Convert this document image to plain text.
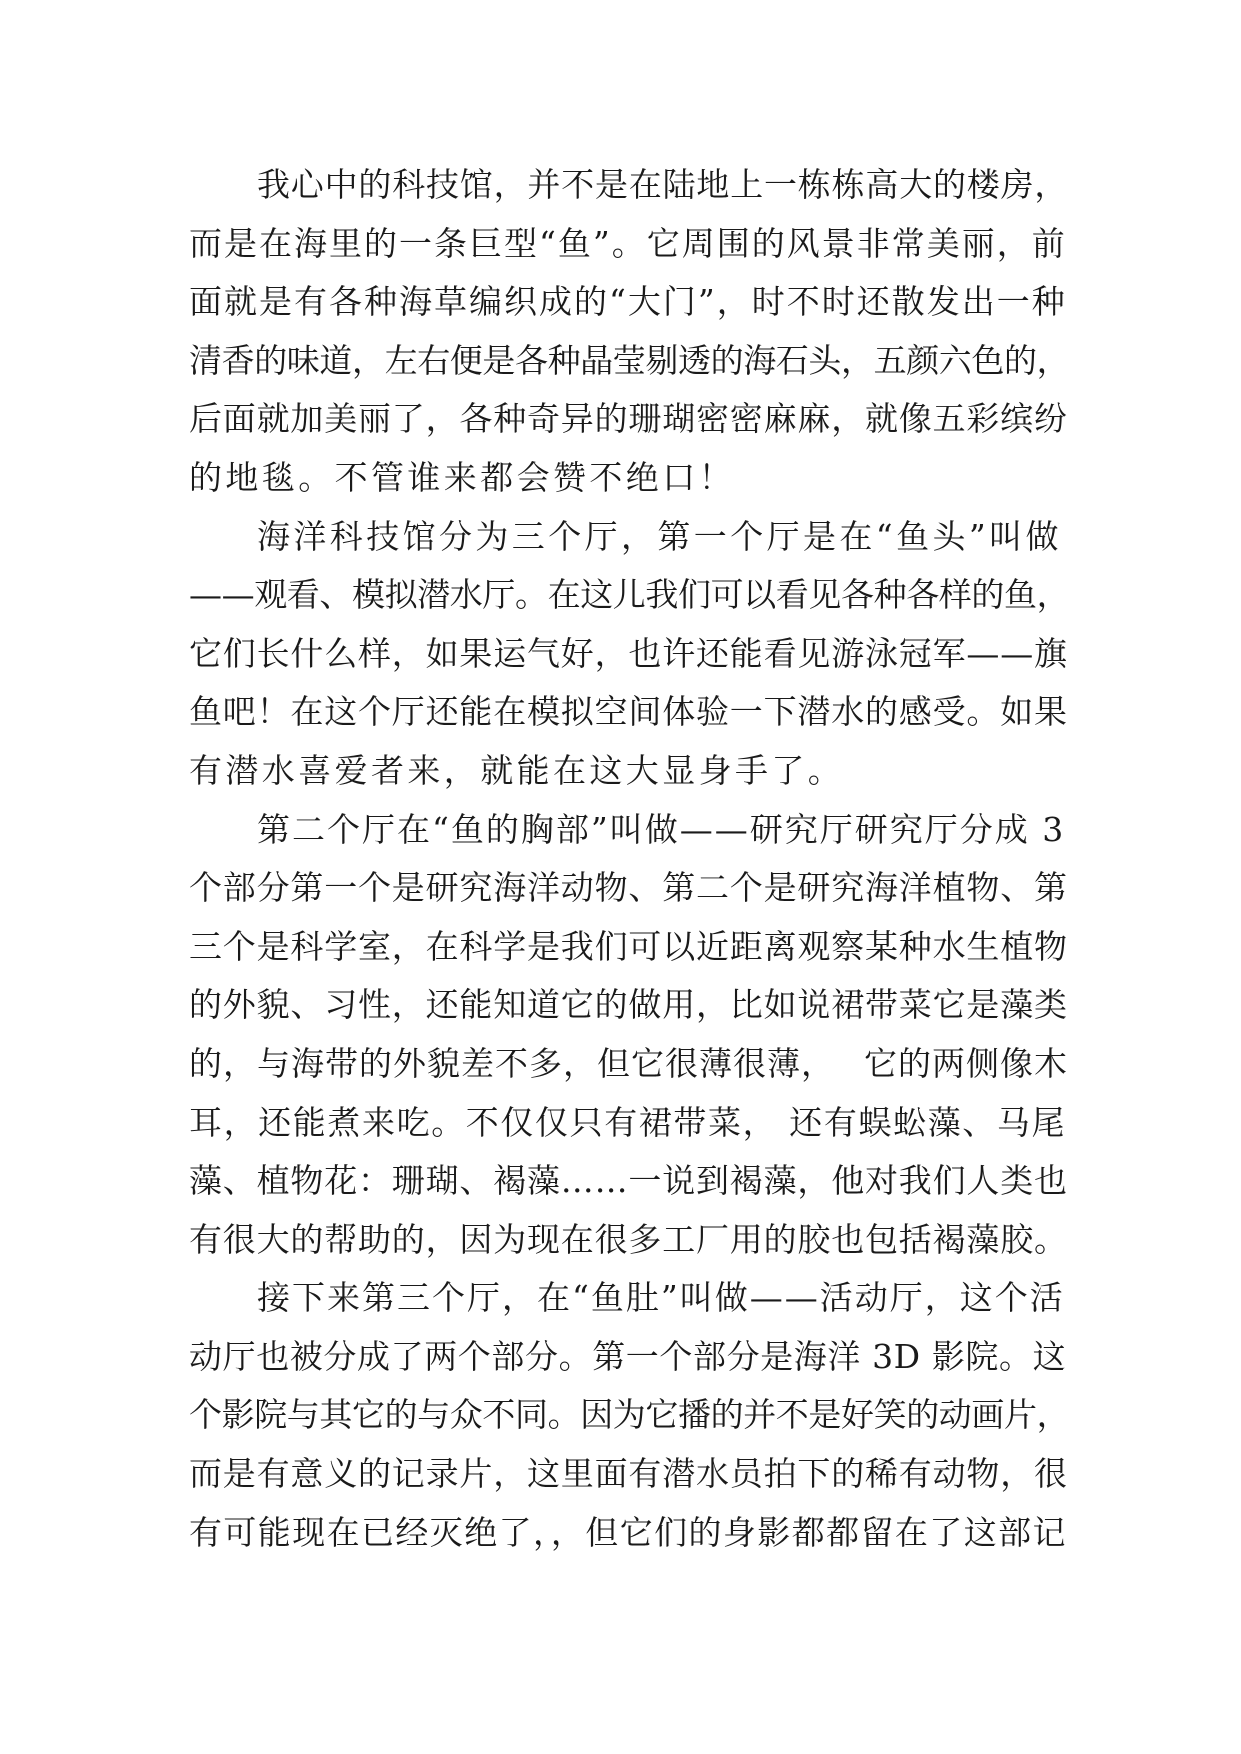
我心中的科技馆，并不是在陆地上一栋栋高大的楼房，
而是在海里的一条巨型“鱼”。它周围的风景非常美丽，前
面就是有各种海草编织成的“大门”，时不时还散发出一种
清香的味道，左右便是各种晶莹剔透的海石头，五颜六色的，
后面就加美丽了，各种奇异的珊瑚密密麻麻，就像五彩缤纷
的地毯。不管谁来都会赞不绝口！
海洋科技馆分为三个厅，第一个厅是在“鱼头”叫做
——观看、模拟潜水厅。在这儿我们可以看见各种各样的鱼，
它们长什么样，如果运气好，也许还能看见游泳冠军——旗
鱼吧！在这个厅还能在模拟空间体验一下潜水的感受。如果
有潜水喜爱者来，就能在这大显身手了。
第二个厅在“鱼的胸部”叫做——研究厅研究厅分成 3
个部分第一个是研究海洋动物、第二个是研究海洋植物、第
三个是科学室，在科学是我们可以近距离观察某种水生植物
的外貌、习性，还能知道它的做用，比如说裙带菜它是藻类
的，与海带的外貌差不多，但它很薄很薄，　 它的两侧像木
耳，还能煮来吃。不仅仅只有裙带菜， 还有蜈蚣藻、马尾
藻、植物花：珊瑚、褐藻……一说到褐藻，他对我们人类也
有很大的帮助的，因为现在很多工厂用的胶也包括褐藻胶。
接下来第三个厅，在“鱼肚”叫做——活动厅，这个活
动厅也被分成了两个部分。第一个部分是海洋 3D 影院。这
个影院与其它的与众不同。因为它播的并不是好笑的动画片，
而是有意义的记录片，这里面有潜水员拍下的稀有动物，很
有可能现在已经灭绝了，，但它们的身影都都留在了这部记
